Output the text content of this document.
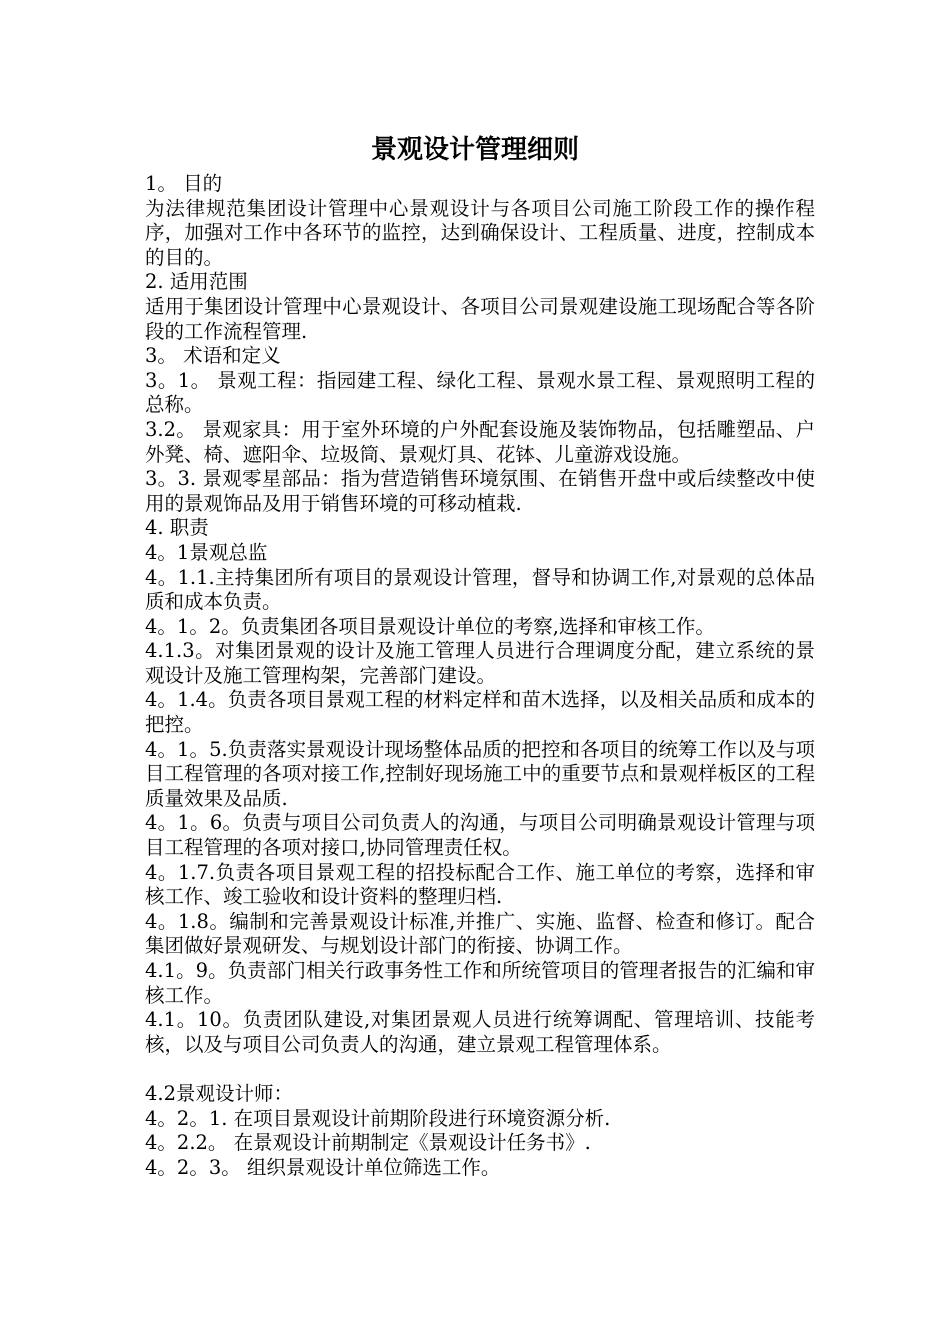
景观设计管理细则

1。 目的

为法律规范集团设计管理中心景观设计与各项目公司施工阶段工作的操作程序，加强对工作中各环节的监控，达到确保设计、工程质量、进度，控制成本的目的。

2. 适用范围

适用于集团设计管理中心景观设计、各项目公司景观建设施工现场配合等各阶段的工作流程管理.

3。 术语和定义

3。1。 景观工程：指园建工程、绿化工程、景观水景工程、景观照明工程的总称。

3.2。 景观家具：用于室外环境的户外配套设施及装饰物品，包括雕塑品、户外凳、椅、遮阳伞、垃圾筒、景观灯具、花钵、儿童游戏设施。

3。3. 景观零星部品：指为营造销售环境氛围、在销售开盘中或后续整改中使用的景观饰品及用于销售环境的可移动植栽.

4. 职责

4。1景观总监

4。1.1.主持集团所有项目的景观设计管理，督导和协调工作,对景观的总体品质和成本负责。

4。1。2。负责集团各项目景观设计单位的考察,选择和审核工作。

4.1.3。对集团景观的设计及施工管理人员进行合理调度分配，建立系统的景观设计及施工管理构架，完善部门建设。

4。1.4。负责各项目景观工程的材料定样和苗木选择，以及相关品质和成本的把控。

4。1。5.负责落实景观设计现场整体品质的把控和各项目的统筹工作以及与项目工程管理的各项对接工作,控制好现场施工中的重要节点和景观样板区的工程质量效果及品质.

4。1。6。负责与项目公司负责人的沟通，与项目公司明确景观设计管理与项目工程管理的各项对接口,协同管理责任权。

4。1.7.负责各项目景观工程的招投标配合工作、施工单位的考察，选择和审核工作、竣工验收和设计资料的整理归档.

4。1.8。编制和完善景观设计标准,并推广、实施、监督、检查和修订。配合集团做好景观研发、与规划设计部门的衔接、协调工作。

4.1。9。负责部门相关行政事务性工作和所统管项目的管理者报告的汇编和审核工作。

4.1。10。负责团队建设,对集团景观人员进行统筹调配、管理培训、技能考核，以及与项目公司负责人的沟通，建立景观工程管理体系。

4.2景观设计师：

4。2。1. 在项目景观设计前期阶段进行环境资源分析.

4。2.2。 在景观设计前期制定《景观设计任务书》.

4。2。3。 组织景观设计单位筛选工作。
